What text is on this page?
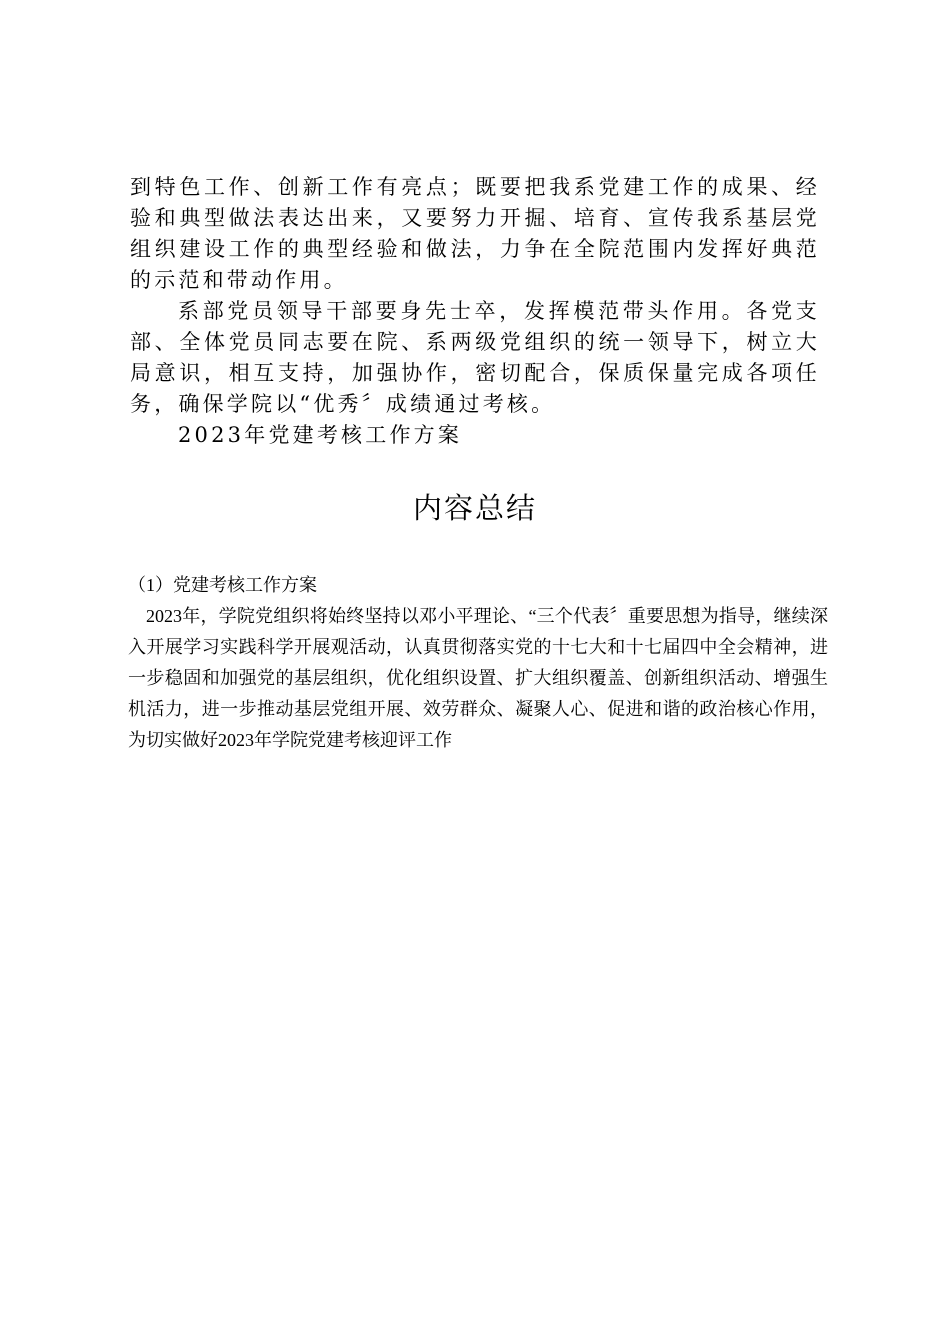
到特色工作、创新工作有亮点；既要把我系党建工作的成果、经验和典型做法表达出来，又要努力开掘、培育、宣传我系基层党组织建设工作的典型经验和做法，力争在全院范围内发挥好典范的示范和带动作用。

系部党员领导干部要身先士卒，发挥模范带头作用。各党支部、全体党员同志要在院、系两级党组织的统一领导下，树立大局意识，相互支持，加强协作，密切配合，保质保量完成各项任务，确保学院以“优秀〞成绩通过考核。

2023年党建考核工作方案

内容总结

（1）党建考核工作方案

2023年，学院党组织将始终坚持以邓小平理论、“三个代表〞重要思想为指导，继续深入开展学习实践科学开展观活动，认真贯彻落实党的十七大和十七届四中全会精神，进一步稳固和加强党的基层组织，优化组织设置、扩大组织覆盖、创新组织活动、增强生机活力，进一步推动基层党组开展、效劳群众、凝聚人心、促进和谐的政治核心作用，为切实做好2023年学院党建考核迎评工作
